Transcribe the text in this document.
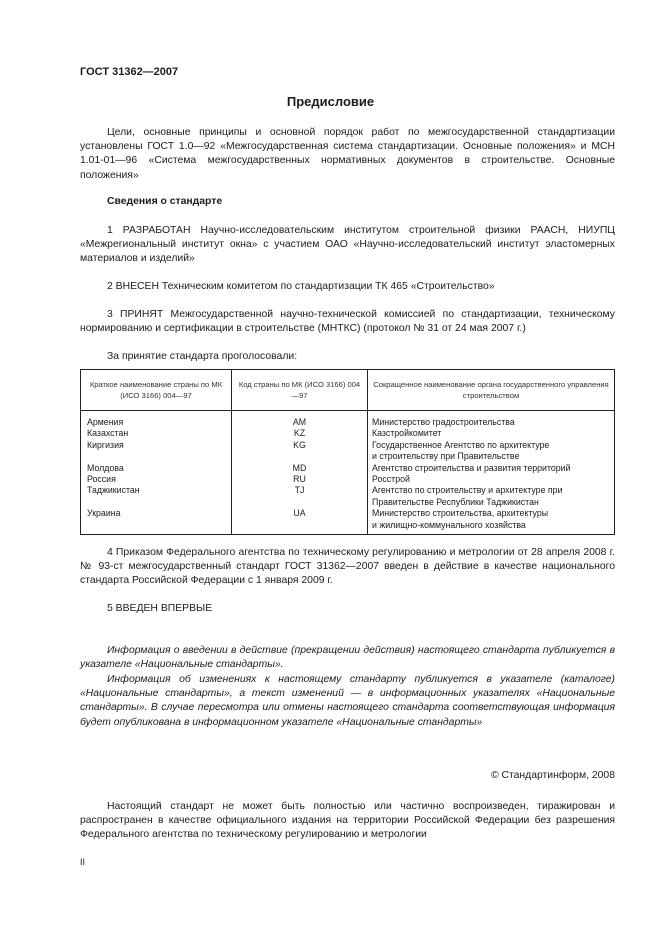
ГОСТ 31362—2007
Предисловие
Цели, основные принципы и основной порядок работ по межгосударственной стандартизации установлены ГОСТ 1.0—92 «Межгосударственная система стандартизации. Основные положения» и МСН 1.01-01—96 «Система межгосударственных нормативных документов в строительстве. Основные положения»
Сведения о стандарте
1 РАЗРАБОТАН Научно-исследовательским институтом строительной физики РААСН, НИУПЦ «Межрегиональный институт окна» с участием ОАО «Научно-исследовательский институт эластомерных материалов и изделий»
2 ВНЕСЕН Техническим комитетом по стандартизации ТК 465 «Строительство»
3 ПРИНЯТ Межгосударственной научно-технической комиссией по стандартизации, техническому нормированию и сертификации в строительстве (МНТКС) (протокол № 31 от 24 мая 2007 г.)
За принятие стандарта проголосовали:
Краткое наименование страны по МК (ИСО 3166) 004—97	Код страны по МК (ИСО 3166) 004—97	Сокращенное наименование органа государственного управления строительством
Армения	AM	Министерство градостроительства
Казахстан	KZ	Казстройкомитет
Киргизия	KG	Государственное Агентство по архитектуре
		и строительству при Правительстве
Молдова	MD	Агентство строительства и развития территорий
Россия	RU	Росстрой
Таджикистан	TJ	Агентство по строительству и архитектуре при
		Правительстве Республики Таджикистан
Украина	UA	Министерство строительства, архитектуры
		и жилищно-коммунального хозяйства
4 Приказом Федерального агентства по техническому регулированию и метрологии от 28 апреля 2008 г. № 93-ст межгосударственный стандарт ГОСТ 31362—2007 введен в действие в качестве национального стандарта Российской Федерации с 1 января 2009 г.
5 ВВЕДЕН ВПЕРВЫЕ
Информация о введении в действие (прекращении действия) настоящего стандарта публикуется в указателе «Национальные стандарты».
Информация об изменениях к настоящему стандарту публикуется в указателе (каталоге) «Национальные стандарты», а текст изменений — в информационных указателях «Национальные стандарты». В случае пересмотра или отмены настоящего стандарта соответствующая информация будет опубликована в информационном указателе «Национальные стандарты»
© Стандартинформ, 2008
Настоящий стандарт не может быть полностью или частично воспроизведен, тиражирован и распространен в качестве официального издания на территории Российской Федерации без разрешения Федерального агентства по техническому регулированию и метрологии
II
